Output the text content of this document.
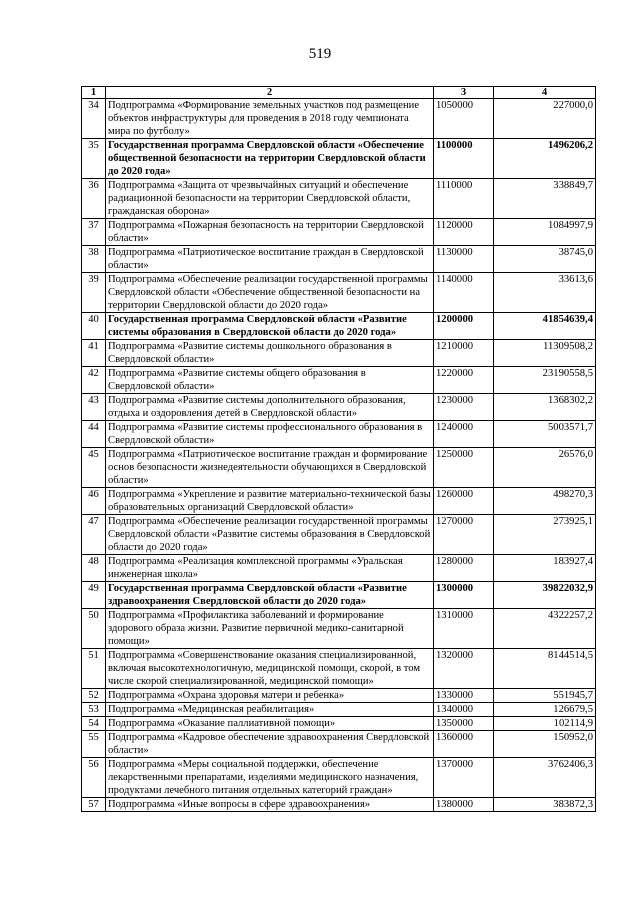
519
1	2	3	4
34	Подпрограмма «Формирование земельных участков под размещение объектов инфраструктуры для проведения в 2018 году чемпионата мира по футболу»	1050000	227000,0
35	Государственная программа Свердловской области «Обеспечение общественной безопасности на территории Свердловской области до 2020 года»	1100000	1496206,2
36	Подпрограмма «Защита от чрезвычайных ситуаций и обеспечение радиационной безопасности на территории Свердловской области, гражданская оборона»	1110000	338849,7
37	Подпрограмма «Пожарная безопасность на территории Свердловской области»	1120000	1084997,9
38	Подпрограмма «Патриотическое воспитание граждан в Свердловской области»	1130000	38745,0
39	Подпрограмма «Обеспечение реализации государственной программы Свердловской области «Обеспечение общественной безопасности на территории Свердловской области до 2020 года»	1140000	33613,6
40	Государственная программа Свердловской области «Развитие системы образования в Свердловской области до 2020 года»	1200000	41854639,4
41	Подпрограмма «Развитие системы дошкольного образования в Свердловской области»	1210000	11309508,2
42	Подпрограмма «Развитие системы общего образования в Свердловской области»	1220000	23190558,5
43	Подпрограмма «Развитие системы дополнительного образования, отдыха и оздоровления детей в Свердловской области»	1230000	1368302,2
44	Подпрограмма «Развитие системы профессионального образования в Свердловской области»	1240000	5003571,7
45	Подпрограмма «Патриотическое воспитание граждан и формирование основ безопасности жизнедеятельности обучающихся в Свердловской области»	1250000	26576,0
46	Подпрограмма «Укрепление и развитие материально-технической базы образовательных организаций Свердловской области»	1260000	498270,3
47	Подпрограмма «Обеспечение реализации государственной программы Свердловской области «Развитие системы образования в Свердловской области до 2020 года»	1270000	273925,1
48	Подпрограмма «Реализация комплексной программы «Уральская инженерная школа»	1280000	183927,4
49	Государственная программа Свердловской области «Развитие здравоохранения Свердловской области до 2020 года»	1300000	39822032,9
50	Подпрограмма «Профилактика заболеваний и формирование здорового образа жизни. Развитие первичной медико-санитарной помощи»	1310000	4322257,2
51	Подпрограмма «Совершенствование оказания специализированной, включая высокотехнологичную, медицинской помощи, скорой, в том числе скорой специализированной, медицинской помощи»	1320000	8144514,5
52	Подпрограмма «Охрана здоровья матери и ребенка»	1330000	551945,7
53	Подпрограмма «Медицинская реабилитация»	1340000	126679,5
54	Подпрограмма «Оказание паллиативной помощи»	1350000	102114,9
55	Подпрограмма «Кадровое обеспечение здравоохранения Свердловской области»	1360000	150952,0
56	Подпрограмма «Меры социальной поддержки, обеспечение лекарственными препаратами, изделиями медицинского назначения, продуктами лечебного питания отдельных категорий граждан»	1370000	3762406,3
57	Подпрограмма «Иные вопросы в сфере здравоохранения»	1380000	383872,3
